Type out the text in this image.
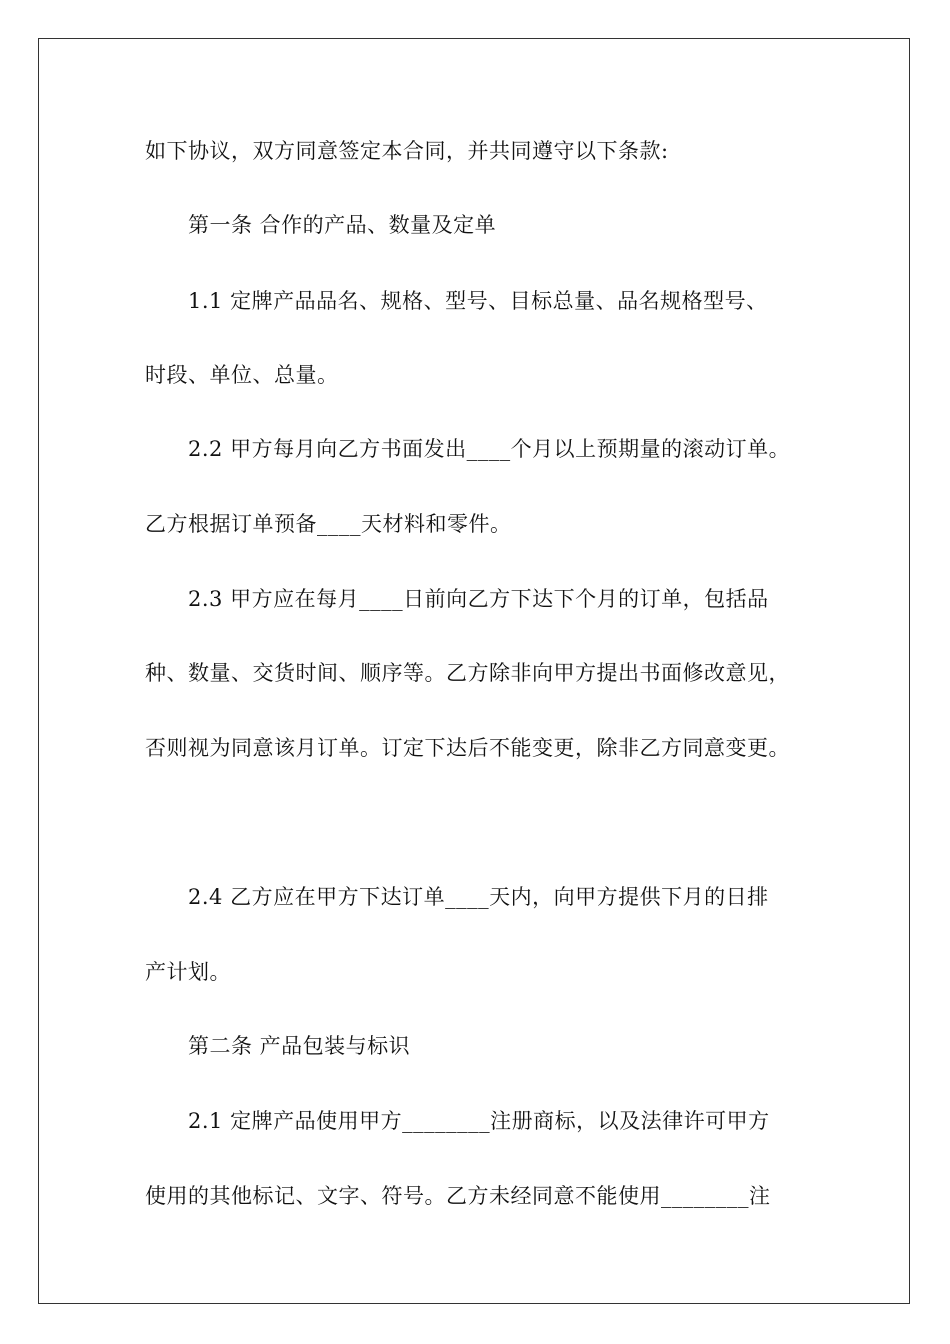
如下协议，双方同意签定本合同，并共同遵守以下条款:
第一条 合作的产品、数量及定单
1.1 定牌产品品名、规格、型号、目标总量、品名规格型号、
时段、单位、总量。
2.2 甲方每月向乙方书面发出____个月以上预期量的滚动订单。
乙方根据订单预备____天材料和零件。
2.3 甲方应在每月____日前向乙方下达下个月的订单，包括品
种、数量、交货时间、顺序等。乙方除非向甲方提出书面修改意见，
否则视为同意该月订单。订定下达后不能变更，除非乙方同意变更。
2.4 乙方应在甲方下达订单____天内，向甲方提供下月的日排
产计划。
第二条 产品包装与标识
2.1 定牌产品使用甲方________注册商标，以及法律许可甲方
使用的其他标记、文字、符号。乙方未经同意不能使用________注
